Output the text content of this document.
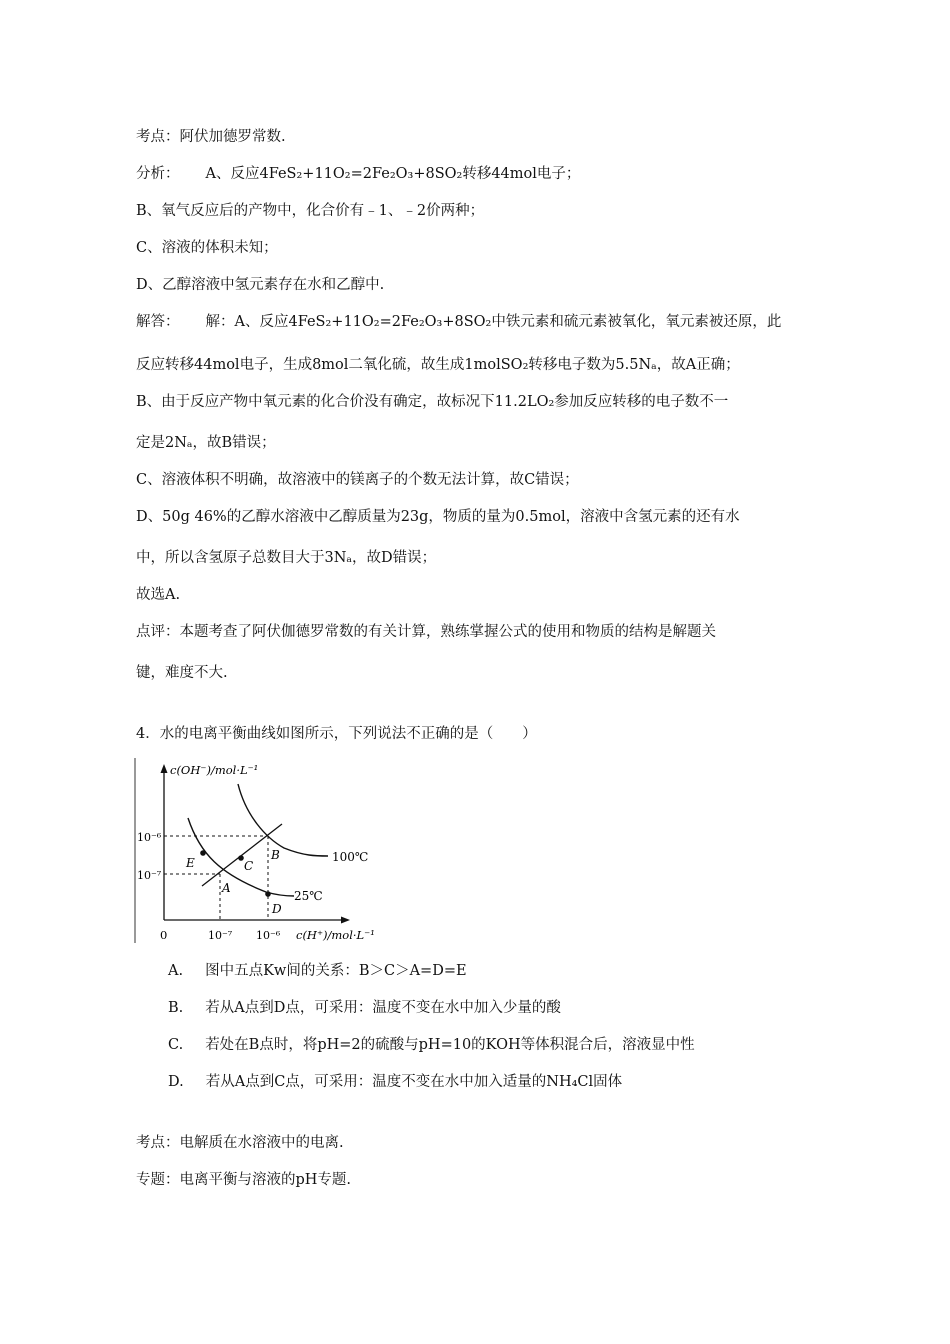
考点：阿伏加德罗常数.
分析： A、反应4FeS₂+11O₂=2Fe₂O₃+8SO₂转移44mol电子；
B、氧气反应后的产物中，化合价有﹣1、﹣2价两种；
C、溶液的体积未知；
D、乙醇溶液中氢元素存在水和乙醇中.
解答： 解：A、反应4FeS₂+11O₂=2Fe₂O₃+8SO₂中铁元素和硫元素被氧化，氧元素被还原，此
反应转移44mol电子，生成8mol二氧化硫，故生成1molSO₂转移电子数为5.5Nₐ，故A正确；
B、由于反应产物中氧元素的化合价没有确定，故标况下11.2LO₂参加反应转移的电子数不一
定是2Nₐ，故B错误；
C、溶液体积不明确，故溶液中的镁离子的个数无法计算，故C错误；
D、50g 46%的乙醇水溶液中乙醇质量为23g，物质的量为0.5mol，溶液中含氢元素的还有水
中，所以含氢原子总数目大于3Nₐ，故D错误；
故选A.
点评：本题考查了阿伏伽德罗常数的有关计算，熟练掌握公式的使用和物质的结构是解题关
键，难度不大.
4．水的电离平衡曲线如图所示，下列说法不正确的是（　　）
c(OH⁻)/mol·L⁻¹
c(H⁺)/mol·L⁻¹
0	10⁻⁷ 10⁻⁶
10⁻⁶
10⁻⁷
A
B
C
D
E	100℃
25℃
A. 图中五点Kw间的关系：B＞C＞A=D=E
B. 若从A点到D点，可采用：温度不变在水中加入少量的酸
C. 若处在B点时，将pH=2的硫酸与pH=10的KOH等体积混合后，溶液显中性
D. 若从A点到C点，可采用：温度不变在水中加入适量的NH₄Cl固体
考点：电解质在水溶液中的电离.
专题：电离平衡与溶液的pH专题.
